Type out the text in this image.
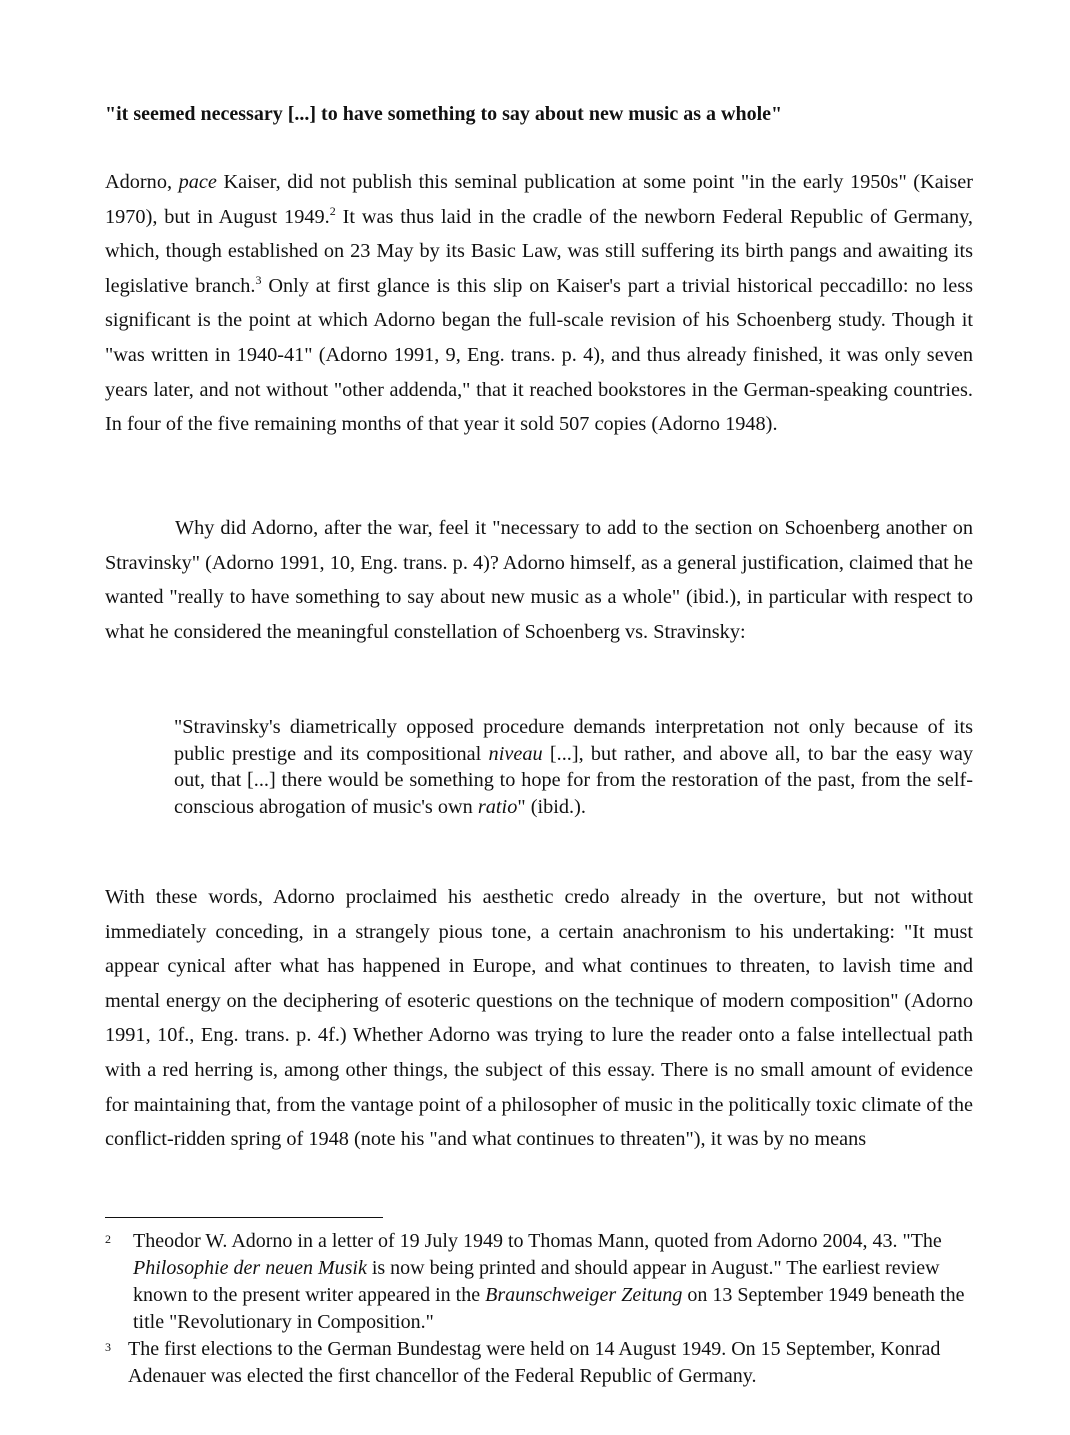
"it seemed necessary [...] to have something to say about new music as a whole"

Adorno, pace Kaiser, did not publish this seminal publication at some point "in the early 1950s" (Kaiser 1970), but in August 1949.$^2$ It was thus laid in the cradle of the newborn Federal Republic of Germany, which, though established on 23 May by its Basic Law, was still suffering its birth pangs and awaiting its legislative branch.$^3$ Only at first glance is this slip on Kaiser's part a trivial historical peccadillo: no less significant is the point at which Adorno began the full-scale revision of his Schoenberg study. Though it "was written in 1940-41" (Adorno 1991, 9, Eng. trans. p. 4), and thus already finished, it was only seven years later, and not without "other addenda," that it reached bookstores in the German-speaking countries. In four of the five remaining months of that year it sold 507 copies (Adorno 1948).

Why did Adorno, after the war, feel it "necessary to add to the section on Schoenberg another on Stravinsky" (Adorno 1991, 10, Eng. trans. p. 4)? Adorno himself, as a general justification, claimed that he wanted "really to have something to say about new music as a whole" (ibid.), in particular with respect to what he considered the meaningful constellation of Schoenberg vs. Stravinsky:

"Stravinsky's diametrically opposed procedure demands interpretation not only because of its public prestige and its compositional niveau [...], but rather, and above all, to bar the easy way out, that [...] there would be something to hope for from the restoration of the past, from the self-conscious abrogation of music's own ratio" (ibid.).

With these words, Adorno proclaimed his aesthetic credo already in the overture, but not without immediately conceding, in a strangely pious tone, a certain anachronism to his undertaking: "It must appear cynical after what has happened in Europe, and what continues to threaten, to lavish time and mental energy on the deciphering of esoteric questions on the technique of modern composition" (Adorno 1991, 10f., Eng. trans. p. 4f.) Whether Adorno was trying to lure the reader onto a false intellectual path with a red herring is, among other things, the subject of this essay. There is no small amount of evidence for maintaining that, from the vantage point of a philosopher of music in the politically toxic climate of the conflict-ridden spring of 1948 (note his "and what continues to threaten"), it was by no means

2 Theodor W. Adorno in a letter of 19 July 1949 to Thomas Mann, quoted from Adorno 2004, 43. "The Philosophie der neuen Musik is now being printed and should appear in August." The earliest review known to the present writer appeared in the Braunschweiger Zeitung on 13 September 1949 beneath the title "Revolutionary in Composition."
3 The first elections to the German Bundestag were held on 14 August 1949. On 15 September, Konrad Adenauer was elected the first chancellor of the Federal Republic of Germany.
